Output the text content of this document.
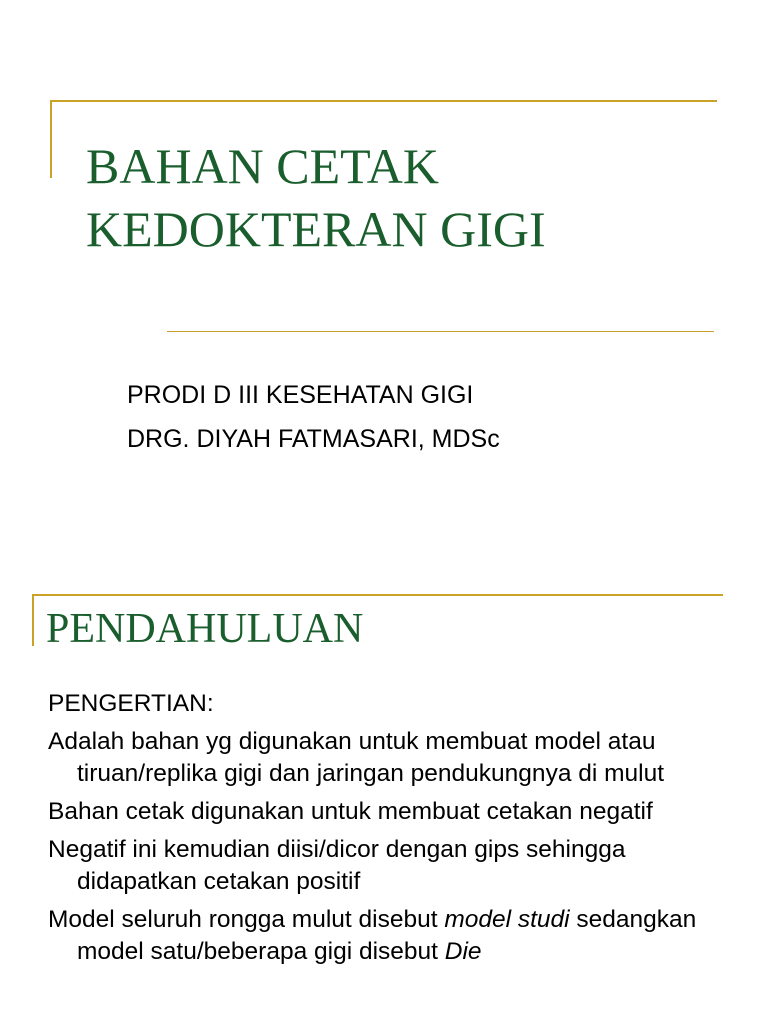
BAHAN CETAK
KEDOKTERAN GIGI
PRODI D III KESEHATAN GIGI
DRG. DIYAH FATMASARI, MDSc
PENDAHULUAN

PENGERTIAN:

Adalah bahan yg digunakan untuk membuat model atau tiruan/replika gigi dan jaringan pendukungnya di mulut

Bahan cetak digunakan untuk membuat cetakan negatif

Negatif ini kemudian diisi/dicor dengan gips sehingga didapatkan cetakan positif

Model seluruh rongga mulut disebut model studi sedangkan model satu/beberapa gigi disebut Die
